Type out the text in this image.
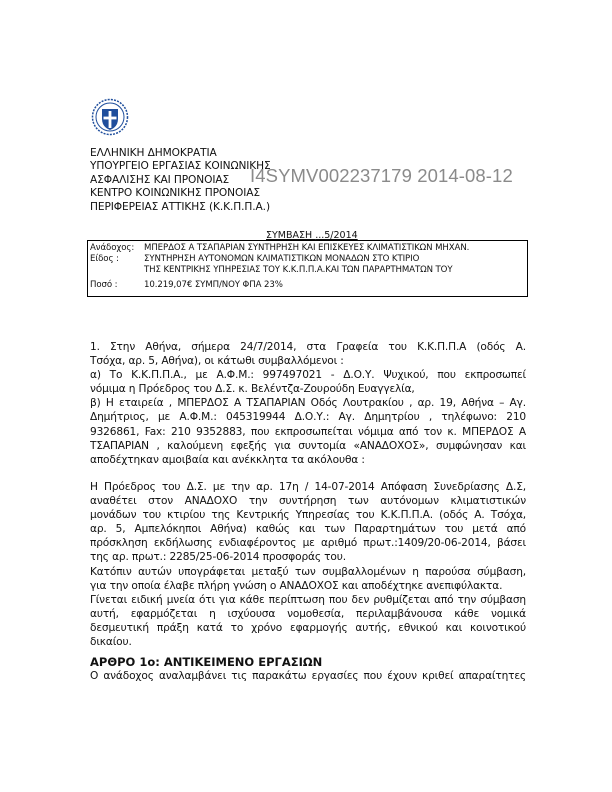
ΕΛΛΗΝΙΚΗ ΔΗΜΟΚΡΑΤΙΑ
ΥΠΟΥΡΓΕΙΟ ΕΡΓΑΣΙΑΣ ΚΟΙΝΩΝΙΚΗΣ
ΑΣΦΑΛΙΣΗΣ ΚΑΙ ΠΡΟΝΟΙΑΣ
ΚΕΝΤΡΟ ΚΟΙΝΩΝΙΚΗΣ ΠΡΟΝΟΙΑΣ
ΠΕΡΙΦΕΡΕΙΑΣ ΑΤΤΙΚΗΣ (Κ.Κ.Π.Π.Α.)
Ι4SYMV002237179 2014-08-12
ΣΥΜΒΑΣΗ ...5/2014
Ανάδοχος: ΜΠΕΡΔΟΣ Α ΤΣΑΠΑΡΙΑΝ ΣΥΝΤΗΡΗΣΗ ΚΑΙ ΕΠΙΣΚΕΥΕΣ ΚΛΙΜΑΤΙΣΤΙΚΩΝ ΜΗΧΑΝ.
Είδος :	ΣΥΝΤΗΡΗΣΗ ΑΥΤΟΝΟΜΩΝ ΚΛΙΜΑΤΙΣΤΙΚΩΝ ΜΟΝΑΔΩΝ ΣΤΟ ΚΤΙΡΙΟ
ΤΗΣ ΚΕΝΤΡΙΚΗΣ ΥΠΗΡΕΣΙΑΣ ΤΟΥ Κ.Κ.Π.Π.Α.ΚΑΙ ΤΩΝ ΠΑΡΑΡΤΗΜΑΤΩΝ ΤΟΥ
Ποσό :	10.219,07€ ΣΥΜΠ/ΝΟΥ ΦΠΑ 23%
1. Στην Αθήνα, σήμερα 24/7/2014, στα Γραφεία του Κ.Κ.Π.Π.Α (οδός Α.
Τσόχα, αρ. 5, Αθήνα), οι κάτωθι συμβαλλόμενοι :
α) Το Κ.Κ.Π.Π.Α., με Α.Φ.Μ.: 997497021 - Δ.Ο.Υ. Ψυχικού, που εκπροσωπεί
νόμιμα η Πρόεδρος του Δ.Σ. κ. Βελέντζα-Ζουρούδη Ευαγγελία,
β) Η εταιρεία , ΜΠΕΡΔΟΣ Α ΤΣΑΠΑΡΙΑΝ Οδός Λουτρακίου , αρ. 19, Αθήνα – Αγ.
Δημήτριος, με Α.Φ.Μ.: 045319944 Δ.Ο.Υ.: Αγ. Δημητρίου , τηλέφωνο: 210
9326861, Fax: 210 9352883, που εκπροσωπείται νόμιμα από τον κ. ΜΠΕΡΔΟΣ Α
ΤΣΑΠΑΡΙΑΝ , καλούμενη εφεξής για συντομία «ΑΝΑΔΟΧΟΣ», συμφώνησαν και
αποδέχτηκαν αμοιβαία και ανέκκλητα τα ακόλουθα :
Η Πρόεδρος του Δ.Σ. με την αρ. 17η / 14-07-2014 Απόφαση Συνεδρίασης Δ.Σ,
αναθέτει στον ΑΝΑΔΟΧΟ την συντήρηση των αυτόνομων κλιματιστικών
μονάδων του κτιρίου της Κεντρικής Υπηρεσίας του Κ.Κ.Π.Π.Α. (οδός Α. Τσόχα,
αρ. 5, Αμπελόκηποι Αθήνα) καθώς και των Παραρτημάτων του μετά από
πρόσκληση εκδήλωσης ενδιαφέροντος με αριθμό πρωτ.:1409/20-06-2014, βάσει
της αρ. πρωτ.: 2285/25-06-2014 προσφοράς του.
Κατόπιν αυτών υπογράφεται μεταξύ των συμβαλλομένων η παρούσα σύμβαση,
για την οποία έλαβε πλήρη γνώση ο ΑΝΑΔΟΧΟΣ και αποδέχτηκε ανεπιφύλακτα.
Γίνεται ειδική μνεία ότι για κάθε περίπτωση που δεν ρυθμίζεται από την σύμβαση
αυτή, εφαρμόζεται η ισχύουσα νομοθεσία, περιλαμβάνουσα κάθε νομικά
δεσμευτική πράξη κατά το χρόνο εφαρμογής αυτής, εθνικού και κοινοτικού
δικαίου.
ΑΡΘΡΟ 1ο: ΑΝΤΙΚΕΙΜΕΝΟ ΕΡΓΑΣΙΩΝ
Ο ανάδοχος αναλαμβάνει τις παρακάτω εργασίες που έχουν κριθεί απαραίτητες
